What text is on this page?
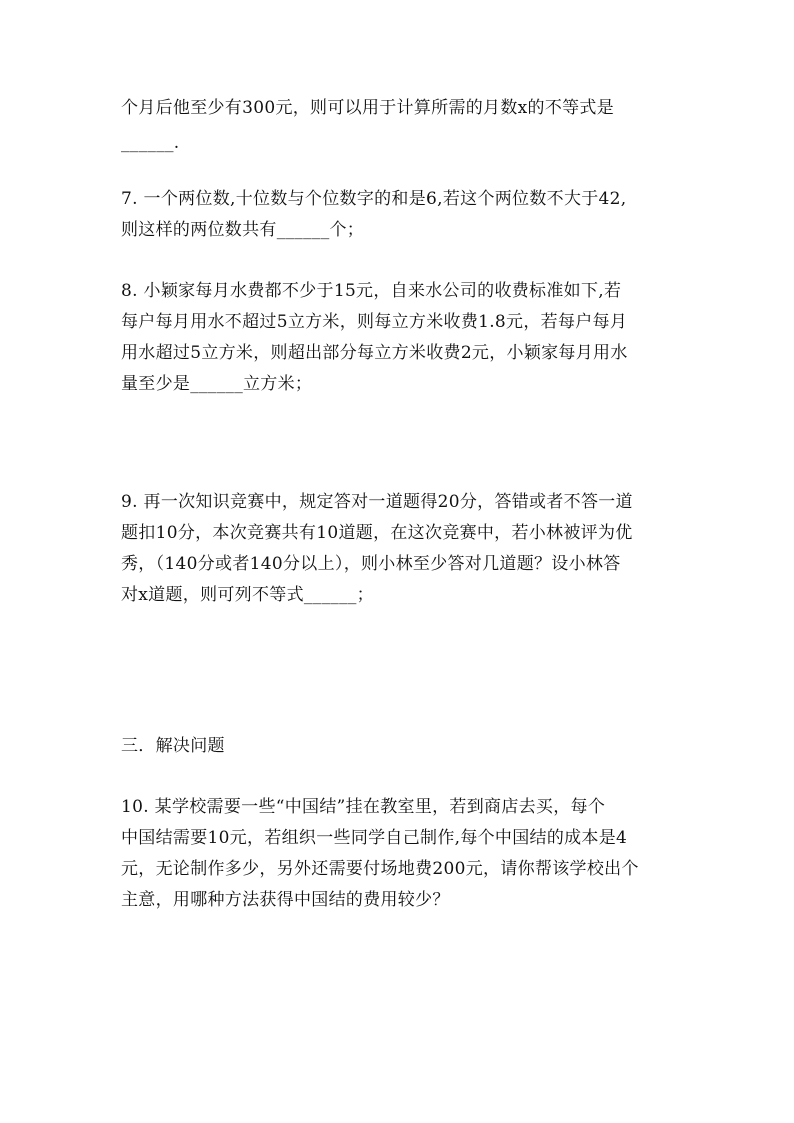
个月后他至少有300元，则可以用于计算所需的月数x的不等式是
______.
7. 一个两位数,十位数与个位数字的和是6,若这个两位数不大于42,
则这样的两位数共有______个；
8. 小颖家每月水费都不少于15元，自来水公司的收费标准如下,若
每户每月用水不超过5立方米，则每立方米收费1.8元，若每户每月
用水超过5立方米，则超出部分每立方米收费2元，小颖家每月用水
量至少是______立方米；
9. 再一次知识竞赛中，规定答对一道题得20分，答错或者不答一道
题扣10分，本次竞赛共有10道题，在这次竞赛中，若小林被评为优
秀，（140分或者140分以上），则小林至少答对几道题？设小林答
对x道题，则可列不等式______；
三．解决问题
10. 某学校需要一些“中国结”挂在教室里，若到商店去买，每个
中国结需要10元，若组织一些同学自己制作,每个中国结的成本是4
元，无论制作多少，另外还需要付场地费200元，请你帮该学校出个
主意，用哪种方法获得中国结的费用较少？
